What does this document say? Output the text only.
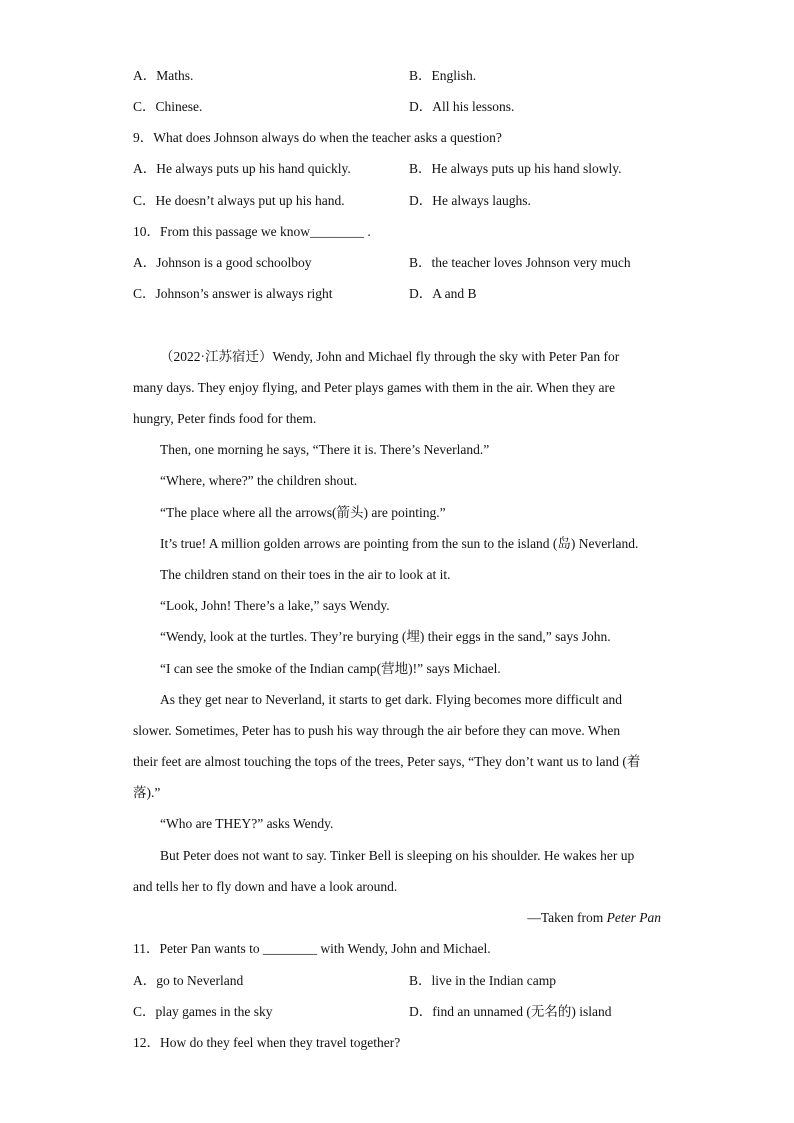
A．Maths.	B．English.
C．Chinese.	D．All his lessons.
9．What does Johnson always do when the teacher asks a question?
A．He always puts up his hand quickly.	B．He always puts up his hand slowly.
C．He doesn’t always put up his hand.	D．He always laughs.
10．From this passage we know________ .
A．Johnson is a good schoolboy	B．the teacher loves Johnson very much
C．Johnson’s answer is always right	D．A and B
（2022·江苏宿迁）Wendy, John and Michael fly through the sky with Peter Pan for
many days. They enjoy flying, and Peter plays games with them in the air. When they are
hungry, Peter finds food for them.
Then, one morning he says, “There it is. There’s Neverland.”
“Where, where?” the children shout.
“The place where all the arrows(箭头) are pointing.”
It’s true! A million golden arrows are pointing from the sun to the island (岛) Neverland.
The children stand on their toes in the air to look at it.
“Look, John! There’s a lake,” says Wendy.
“Wendy, look at the turtles. They’re burying (埋) their eggs in the sand,” says John.
“I can see the smoke of the Indian camp(营地)!” says Michael.
As they get near to Neverland, it starts to get dark. Flying becomes more difficult and
slower. Sometimes, Peter has to push his way through the air before they can move. When
their feet are almost touching the tops of the trees, Peter says, “They don’t want us to land (着
落).”
“Who are THEY?” asks Wendy.
But Peter does not want to say. Tinker Bell is sleeping on his shoulder. He wakes her up
and tells her to fly down and have a look around.
—Taken from Peter Pan
11．Peter Pan wants to ________ with Wendy, John and Michael.
A．go to Neverland	B．live in the Indian camp
C．play games in the sky	D．find an unnamed (无名的) island
12．How do they feel when they travel together?
